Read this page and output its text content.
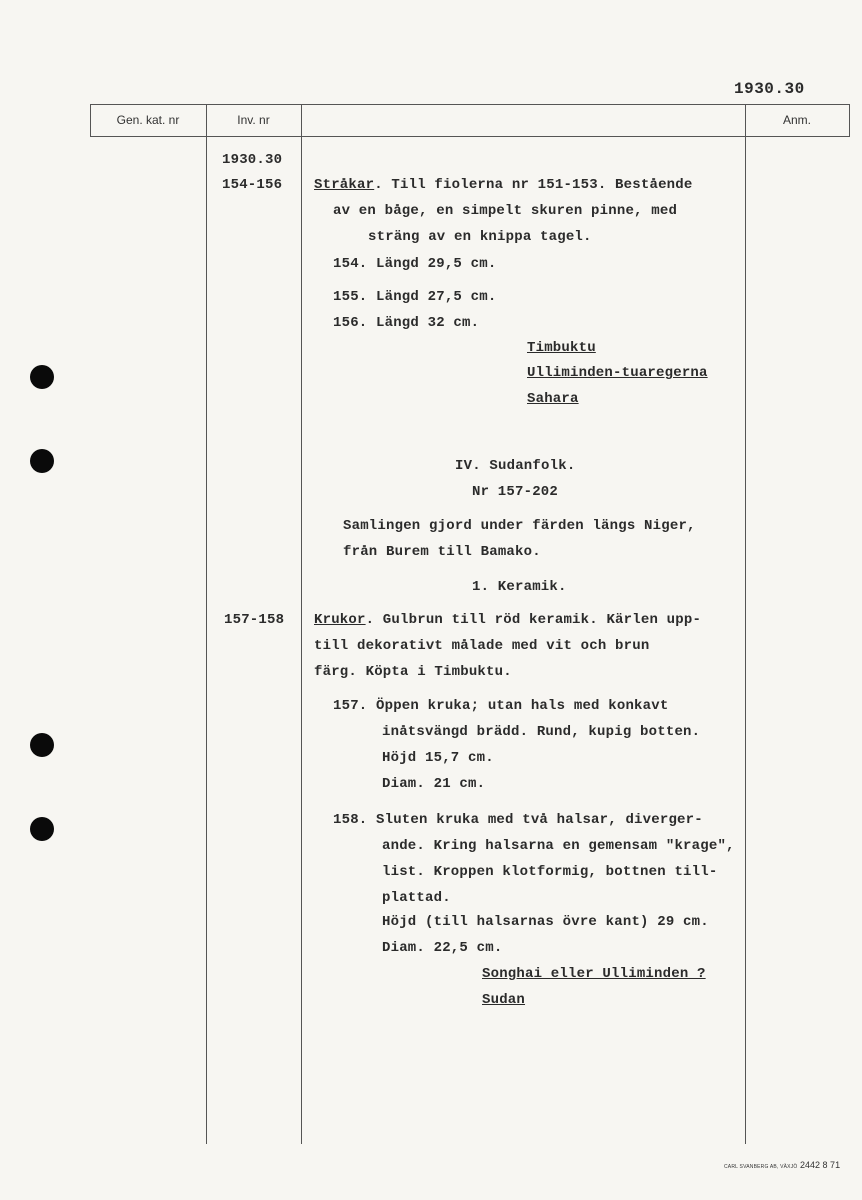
1930.30
Gen. kat. nr	Inv. nr	Anm.
1930.30
154-156
157-158
Stråkar. Till fiolerna nr 151-153. Bestående
av en båge, en simpelt skuren pinne, med
sträng av en knippa tagel.
154. Längd 29,5 cm.
155. Längd 27,5 cm.
156. Längd 32 cm.
Timbuktu
Ulliminden-tuaregerna
Sahara
IV. Sudanfolk.
Nr 157-202
Samlingen gjord under färden längs Niger,
från Burem till Bamako.
1. Keramik.
Krukor. Gulbrun till röd keramik. Kärlen upp-
till dekorativt målade med vit och brun
färg. Köpta i Timbuktu.
157. Öppen kruka; utan hals med konkavt
inåtsvängd brädd. Rund, kupig botten.
Höjd 15,7 cm.
Diam. 21 cm.
158. Sluten kruka med två halsar, diverger-
ande. Kring halsarna en gemensam "krage",
list. Kroppen klotformig, bottnen till-
plattad.
Höjd (till halsarnas övre kant) 29 cm.
Diam. 22,5 cm.
Songhai eller Ulliminden ?
Sudan
CARL SVANBERG AB, VÄXJÖ 2442 8 71
